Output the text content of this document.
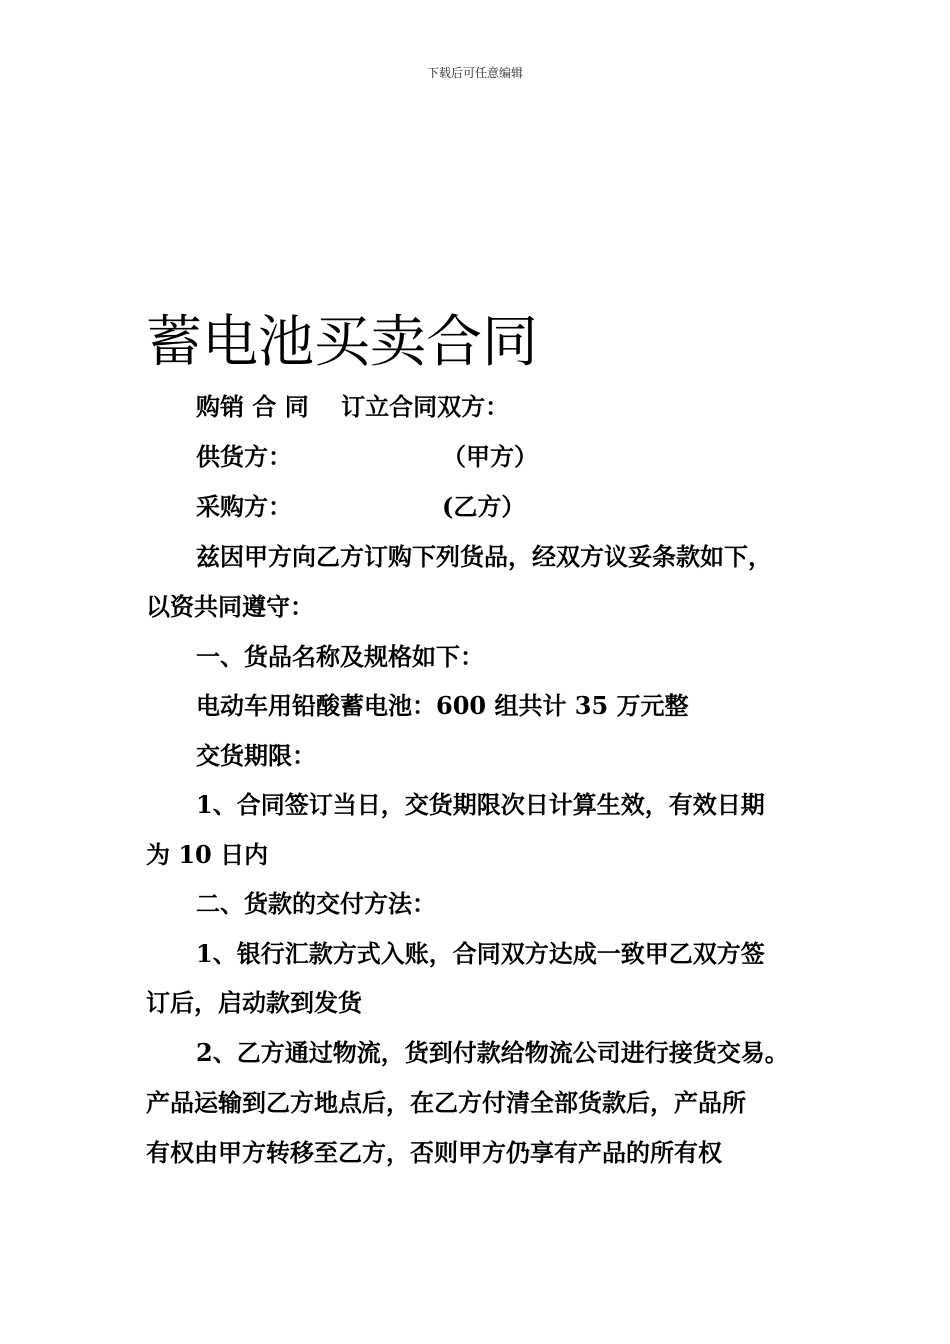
下载后可任意编辑
蓄电池买卖合同

购销 合 同　 订立合同双方：

供货方：	（甲方）
采购方：	(乙方）

兹因甲方向乙方订购下列货品，经双方议妥条款如下，

以资共同遵守：

一、货品名称及规格如下：

电动车用铅酸蓄电池：600 组共计 35 万元整

交货期限：

1、合同签订当日，交货期限次日计算生效，有效日期

为 10 日内

二、货款的交付方法：

1、银行汇款方式入账，合同双方达成一致甲乙双方签

订后，启动款到发货

2、乙方通过物流，货到付款给物流公司进行接货交易。

产品运输到乙方地点后，在乙方付清全部货款后，产品所

有权由甲方转移至乙方，否则甲方仍享有产品的所有权
